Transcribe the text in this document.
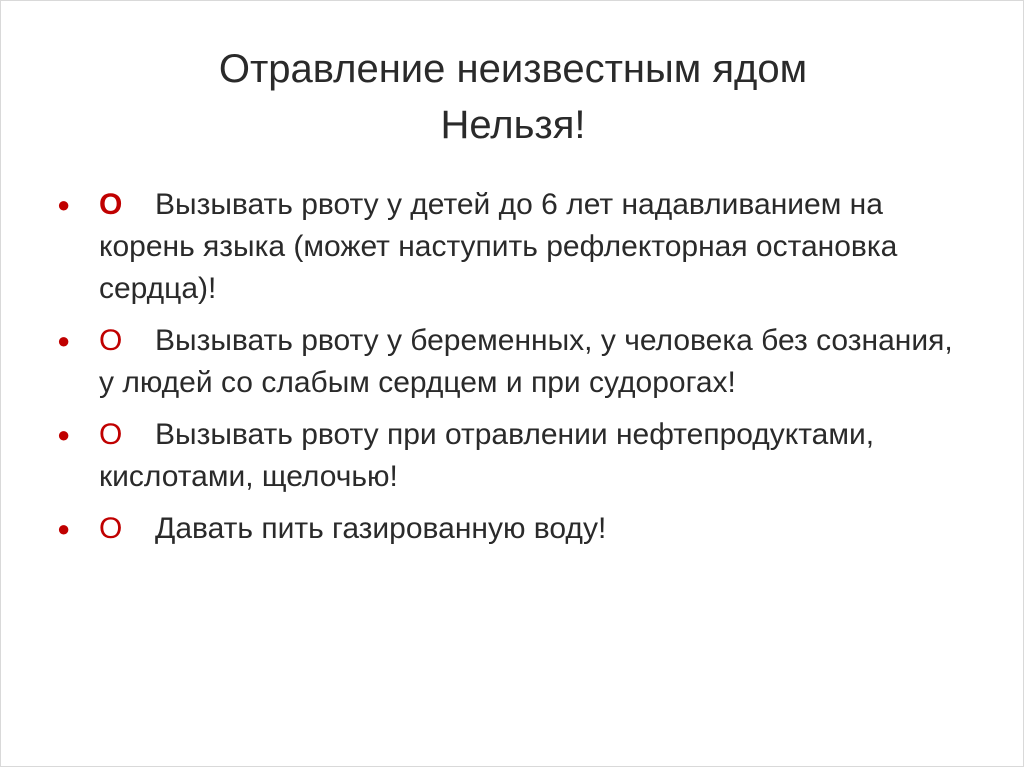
Отравление неизвестным ядом
Нельзя!
● О Вызывать рвоту у детей до 6 лет надавливанием на корень языка (может наступить рефлекторная остановка сердца)!
● О Вызывать рвоту у беременных, у человека без сознания, у людей со слабым сердцем и при судорогах!
● О Вызывать рвоту при отравлении нефтепродуктами, кислотами, щелочью!
● О Давать пить газированную воду!
